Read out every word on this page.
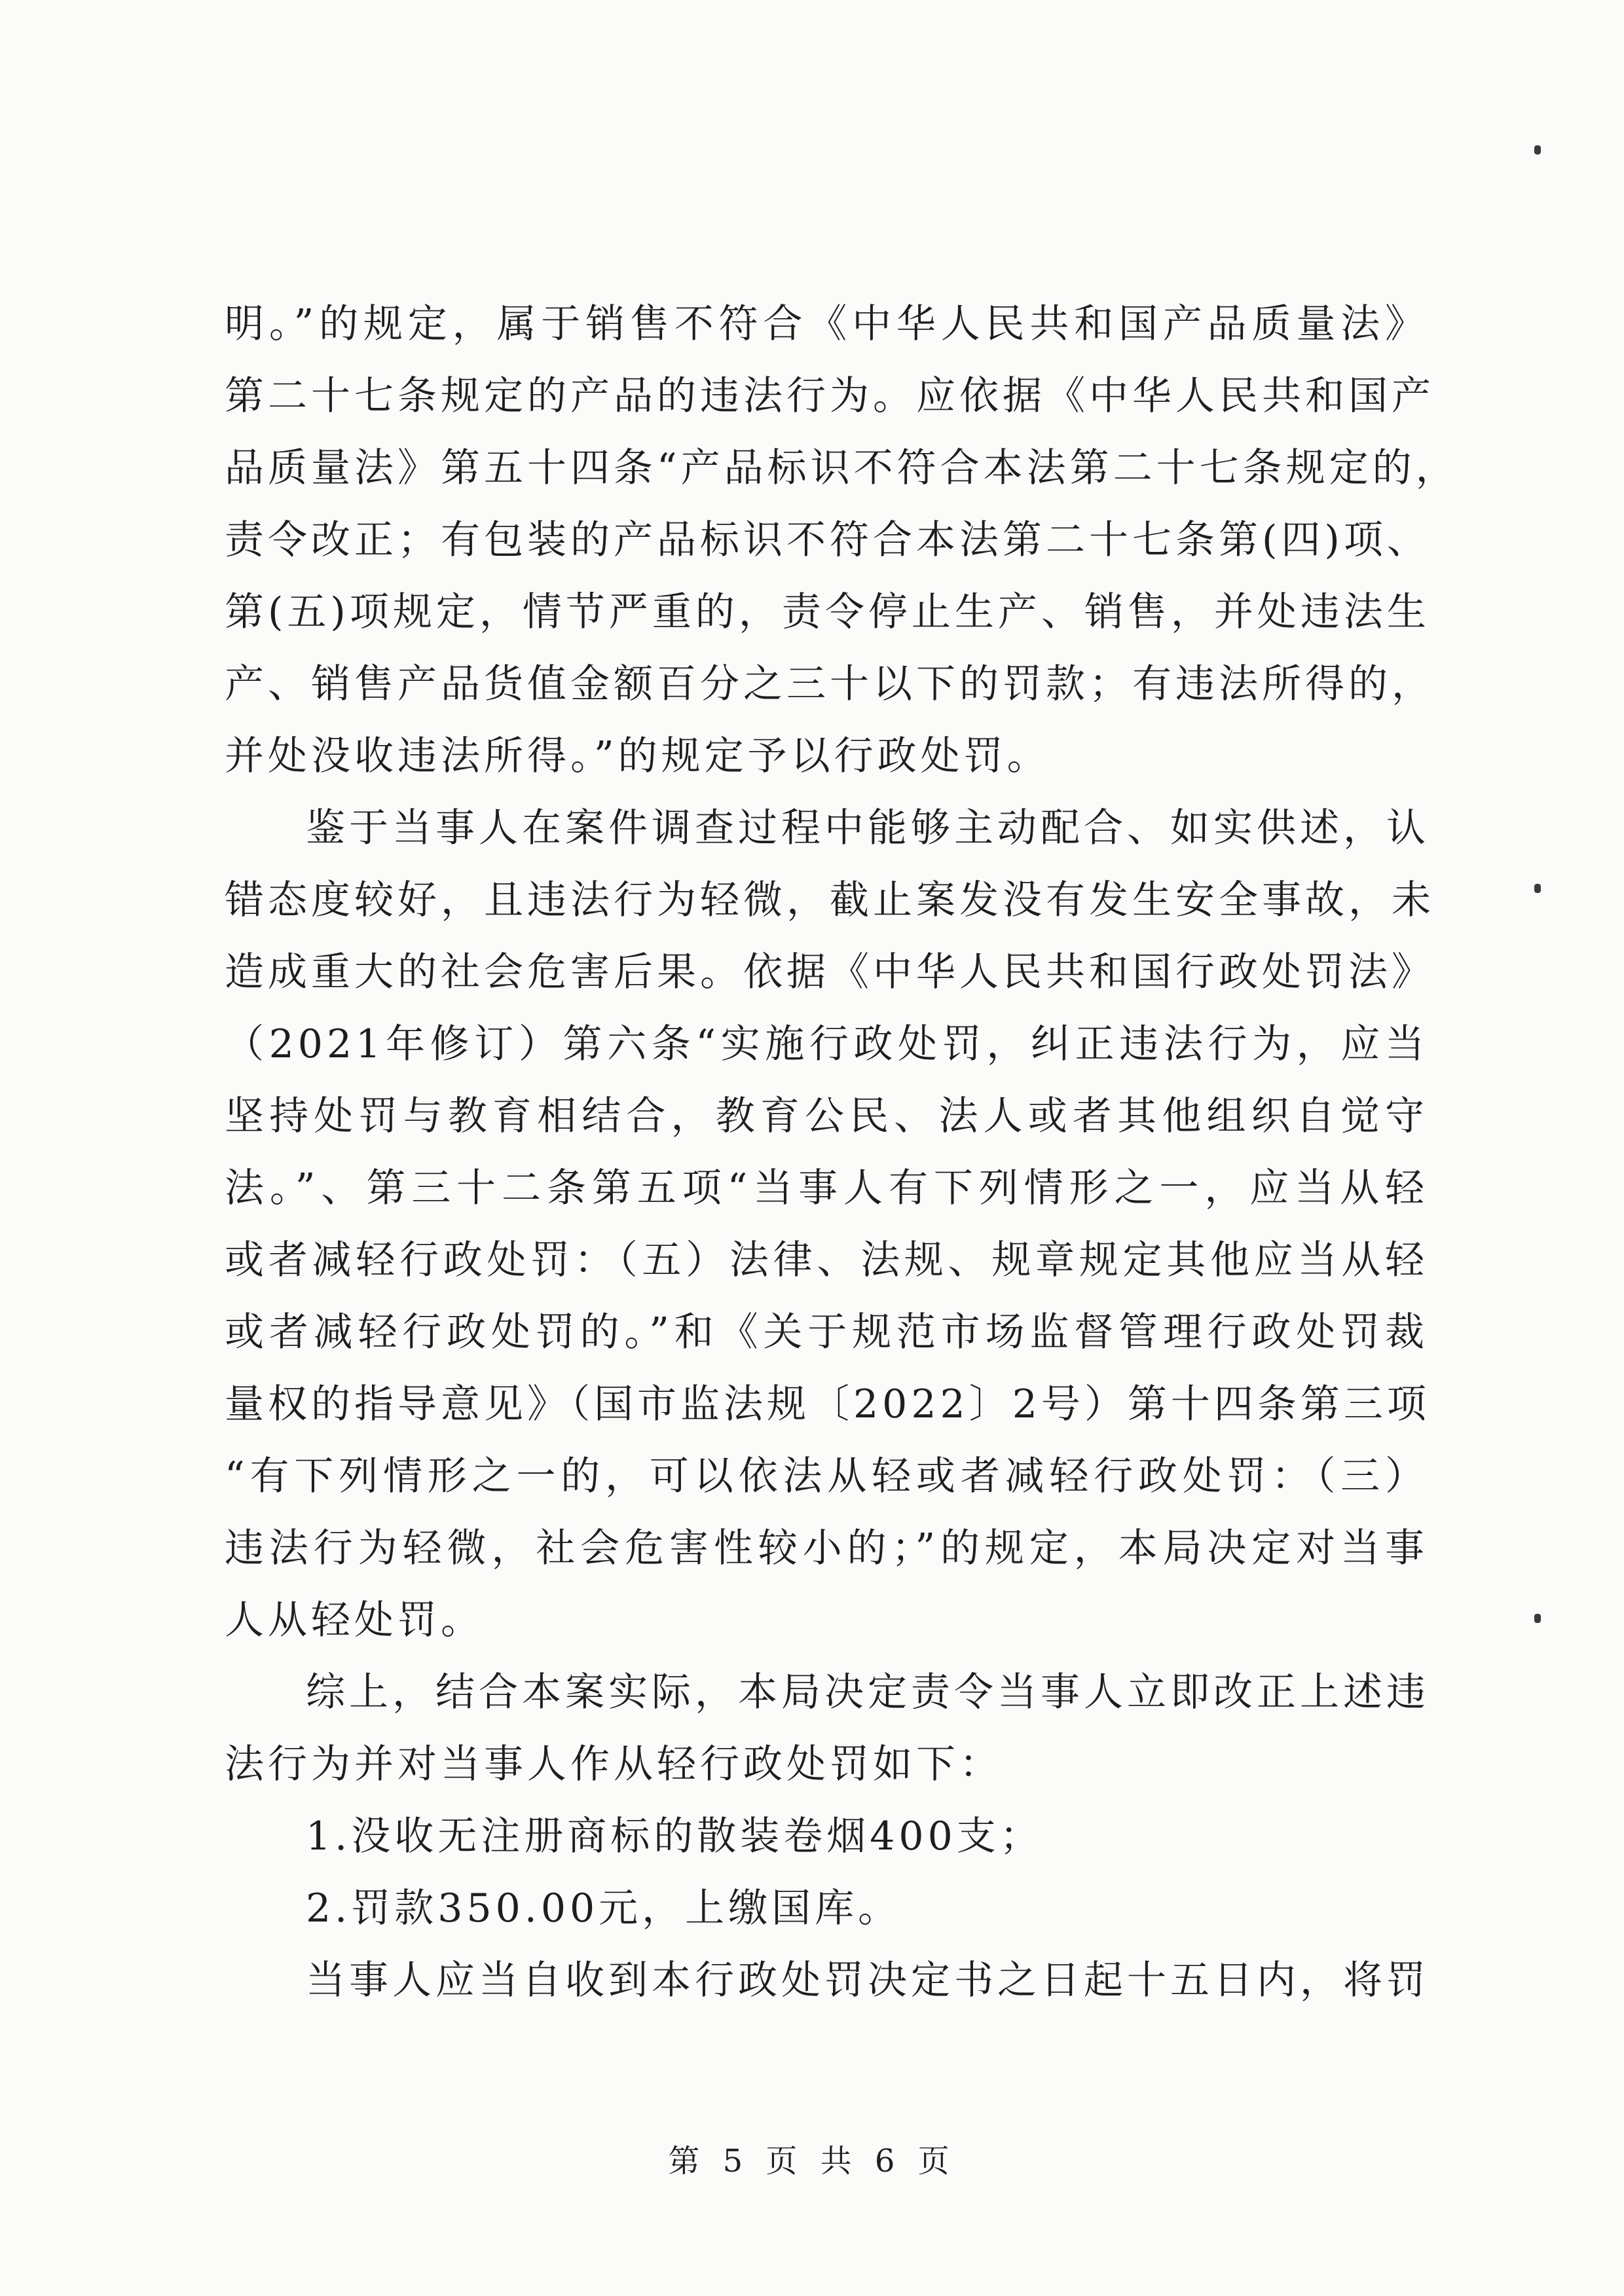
明。”的规定，属于销售不符合《中华人民共和国产品质量法》
第二十七条规定的产品的违法行为。应依据《中华人民共和国产
品质量法》第五十四条“产品标识不符合本法第二十七条规定的，
责令改正；有包装的产品标识不符合本法第二十七条第(四)项、
第(五)项规定，情节严重的，责令停止生产、销售，并处违法生
产、销售产品货值金额百分之三十以下的罚款；有违法所得的，
并处没收违法所得。”的规定予以行政处罚。
鉴于当事人在案件调查过程中能够主动配合、如实供述，认
错态度较好，且违法行为轻微，截止案发没有发生安全事故，未
造成重大的社会危害后果。依据《中华人民共和国行政处罚法》
（2021年修订）第六条“实施行政处罚，纠正违法行为，应当
坚持处罚与教育相结合，教育公民、法人或者其他组织自觉守
法。”、第三十二条第五项“当事人有下列情形之一，应当从轻
或者减轻行政处罚：（五）法律、法规、规章规定其他应当从轻
或者减轻行政处罚的。”和《关于规范市场监督管理行政处罚裁
量权的指导意见》（国市监法规〔2022〕2号）第十四条第三项
“有下列情形之一的，可以依法从轻或者减轻行政处罚：（三）
违法行为轻微，社会危害性较小的；”的规定，本局决定对当事
人从轻处罚。
综上，结合本案实际，本局决定责令当事人立即改正上述违
法行为并对当事人作从轻行政处罚如下：
1.没收无注册商标的散装卷烟400支；
2.罚款350.00元，上缴国库。
当事人应当自收到本行政处罚决定书之日起十五日内，将罚
第 5 页 共 6 页
